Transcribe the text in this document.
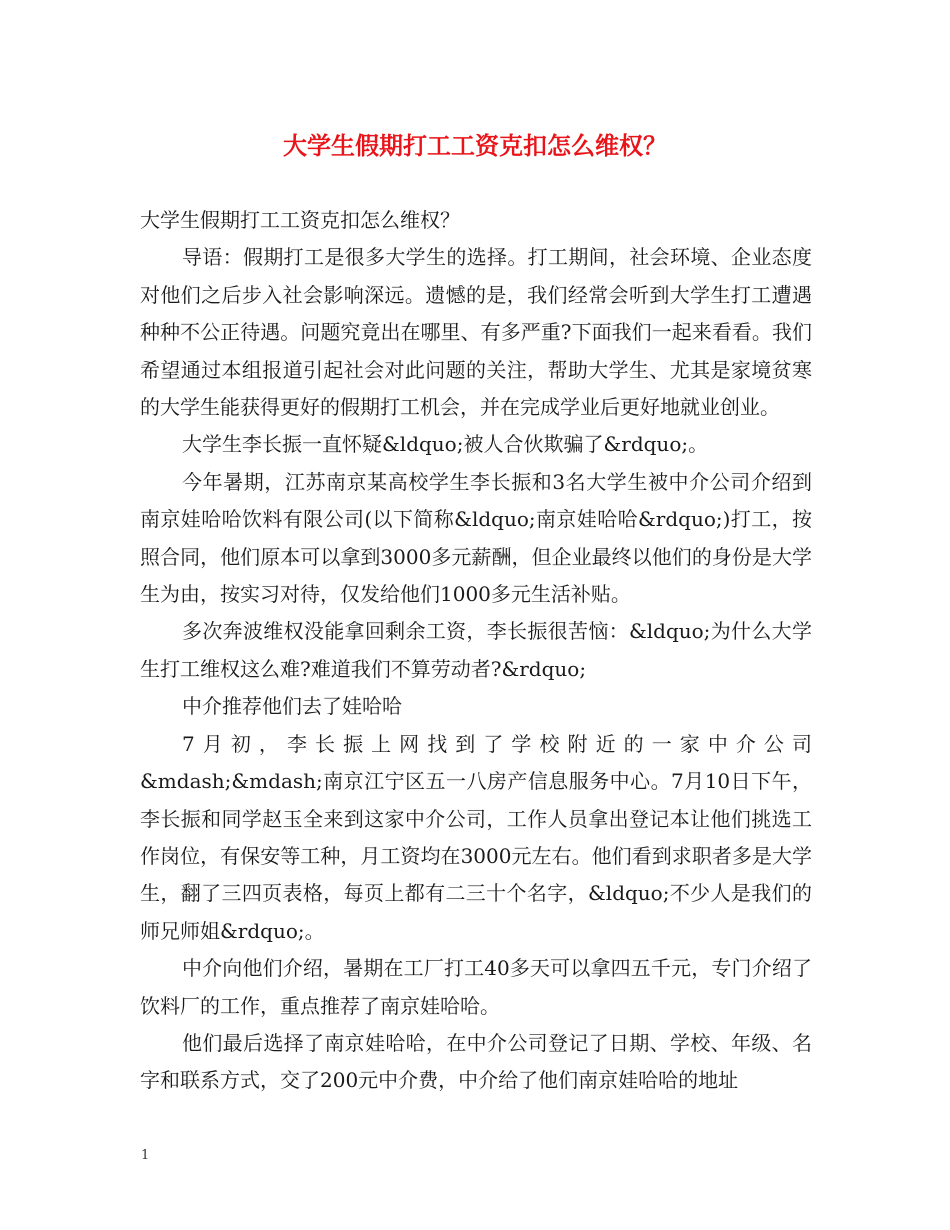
大学生假期打工工资克扣怎么维权？

大学生假期打工工资克扣怎么维权？

导语：假期打工是很多大学生的选择。打工期间，社会环境、企业态度对他们之后步入社会影响深远。遗憾的是，我们经常会听到大学生打工遭遇种种不公正待遇。问题究竟出在哪里、有多严重?下面我们一起来看看。我们希望通过本组报道引起社会对此问题的关注，帮助大学生、尤其是家境贫寒的大学生能获得更好的假期打工机会，并在完成学业后更好地就业创业。

大学生李长振一直怀疑&ldquo;被人合伙欺骗了&rdquo;。

今年暑期，江苏南京某高校学生李长振和3名大学生被中介公司介绍到南京娃哈哈饮料有限公司(以下简称&ldquo;南京娃哈哈&rdquo;)打工，按照合同，他们原本可以拿到3000多元薪酬，但企业最终以他们的身份是大学生为由，按实习对待，仅发给他们1000多元生活补贴。

多次奔波维权没能拿回剩余工资，李长振很苦恼：&ldquo;为什么大学生打工维权这么难?难道我们不算劳动者?&rdquo;

中介推荐他们去了娃哈哈

7月初，李长振上网找到了学校附近的一家中介公司

&mdash;&mdash;南京江宁区五一八房产信息服务中心。7月10日下午，李长振和同学赵玉全来到这家中介公司，工作人员拿出登记本让他们挑选工作岗位，有保安等工种，月工资均在3000元左右。他们看到求职者多是大学生，翻了三四页表格，每页上都有二三十个名字，&ldquo;不少人是我们的师兄师姐&rdquo;。

中介向他们介绍，暑期在工厂打工40多天可以拿四五千元，专门介绍了饮料厂的工作，重点推荐了南京娃哈哈。

他们最后选择了南京娃哈哈，在中介公司登记了日期、学校、年级、名字和联系方式，交了200元中介费，中介给了他们南京娃哈哈的地址

1
